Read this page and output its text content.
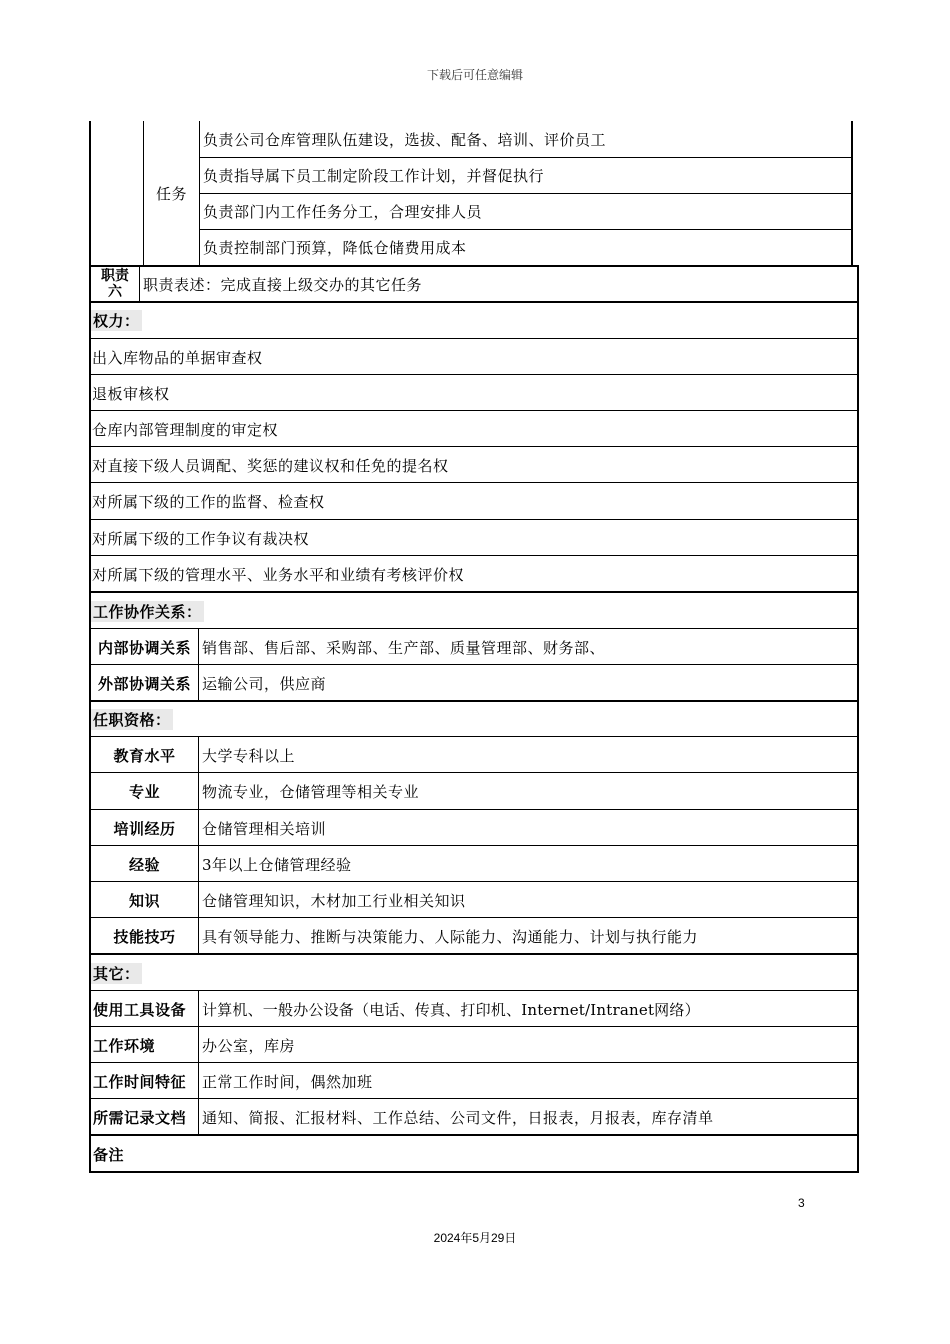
下载后可任意编辑
任务
负责公司仓库管理队伍建设，选拔、配备、培训、评价员工
负责指导属下员工制定阶段工作计划，并督促执行
负责部门内工作任务分工，合理安排人员
负责控制部门预算，降低仓储费用成本
职责
六 职责表述：完成直接上级交办的其它任务
权力：
出入库物品的单据审查权
退板审核权
仓库内部管理制度的审定权
对直接下级人员调配、奖惩的建议权和任免的提名权
对所属下级的工作的监督、检查权
对所属下级的工作争议有裁决权
对所属下级的管理水平、业务水平和业绩有考核评价权
工作协作关系：
内部协调关系 销售部、售后部、采购部、生产部、质量管理部、财务部、
外部协调关系 运输公司，供应商
任职资格：
教育水平	大学专科以上
专业	物流专业，仓储管理等相关专业
培训经历	仓储管理相关培训
经验	3年以上仓储管理经验
知识	仓储管理知识，木材加工行业相关知识
技能技巧	具有领导能力、推断与决策能力、人际能力、沟通能力、计划与执行能力
其它：
使用工具设备 计算机、一般办公设备（电话、传真、打印机、Internet/Intranet网络）
工作环境	办公室，库房
工作时间特征 正常工作时间，偶然加班
所需记录文档 通知、简报、汇报材料、工作总结、公司文件，日报表，月报表，库存清单
备注
3
2024年5月29日
